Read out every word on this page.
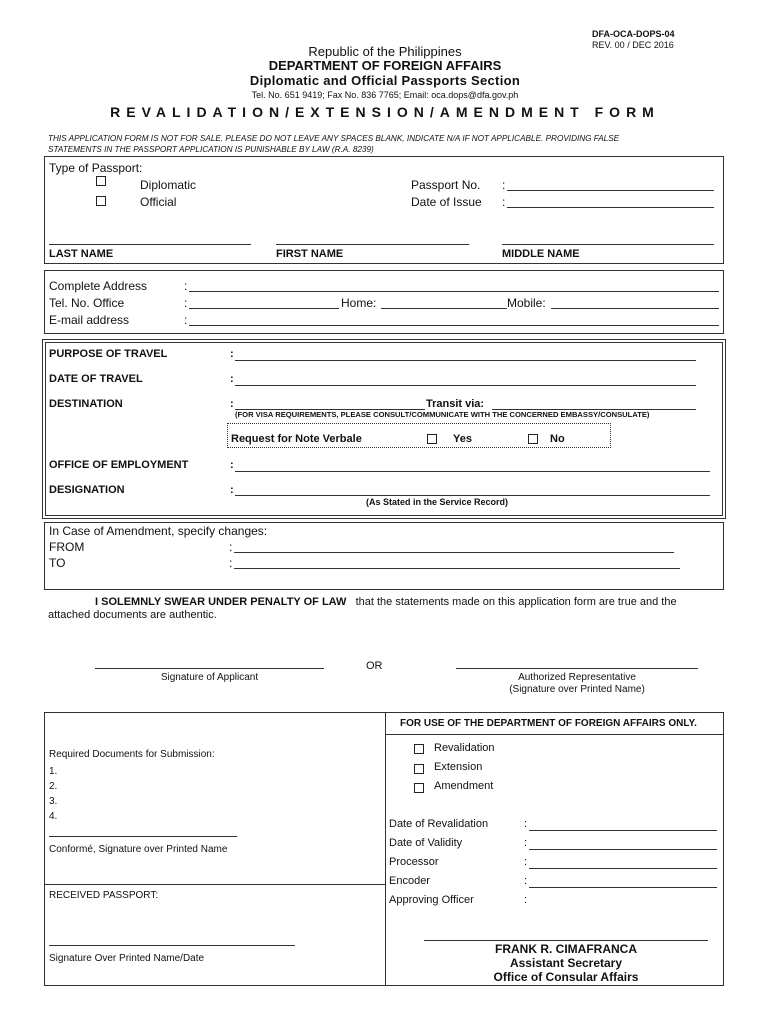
DFA-OCA-DOPS-04
REV. 00 / DEC 2016
Republic of the Philippines
DEPARTMENT OF FOREIGN AFFAIRS
Diplomatic and Official Passports Section
Tel. No. 651 9419; Fax No. 836 7765; Email: oca.dops@dfa.gov.ph
REVALIDATION/EXTENSION/AMENDMENT FORM
THIS APPLICATION FORM IS NOT FOR SALE. PLEASE DO NOT LEAVE ANY SPACES BLANK, INDICATE N/A IF NOT APPLICABLE. PROVIDING FALSE
STATEMENTS IN THE PASSPORT APPLICATION IS PUNISHABLE BY LAW (R.A. 8239)
Type of Passport:
Diplomatic
Official
Passport No. :
Date of Issue :
LAST NAME	FIRST NAME	MIDDLE NAME
Complete Address	:
Tel. No. Office	:	Home:	Mobile:
E-mail address	:
PURPOSE OF TRAVEL	:
DATE OF TRAVEL	:
DESTINATION	:	Transit via:
(FOR VISA REQUIREMENTS, PLEASE CONSULT/COMMUNICATE WITH THE CONCERNED EMBASSY/CONSULATE)
Request for Note Verbale	Yes	No
OFFICE OF EMPLOYMENT	:
DESIGNATION	:
(As Stated in the Service Record)
In Case of Amendment, specify changes:
FROM	:
TO	:
I SOLEMNLY SWEAR UNDER PENALTY OF LAW that the statements made on this application form are true and the
attached documents are authentic.
Signature of Applicant
OR
Authorized Representative
(Signature over Printed Name)
FOR USE OF THE DEPARTMENT OF FOREIGN AFFAIRS ONLY.
Required Documents for Submission:
1.
2.
3.
4.
Conformé, Signature over Printed Name
RECEIVED PASSPORT:
Signature Over Printed Name/Date
Revalidation
Extension
Amendment
Date of Revalidation	:
Date of Validity	:
Processor	:
Encoder	:
Approving Officer	:
FRANK R. CIMAFRANCA
Assistant Secretary
Office of Consular Affairs
